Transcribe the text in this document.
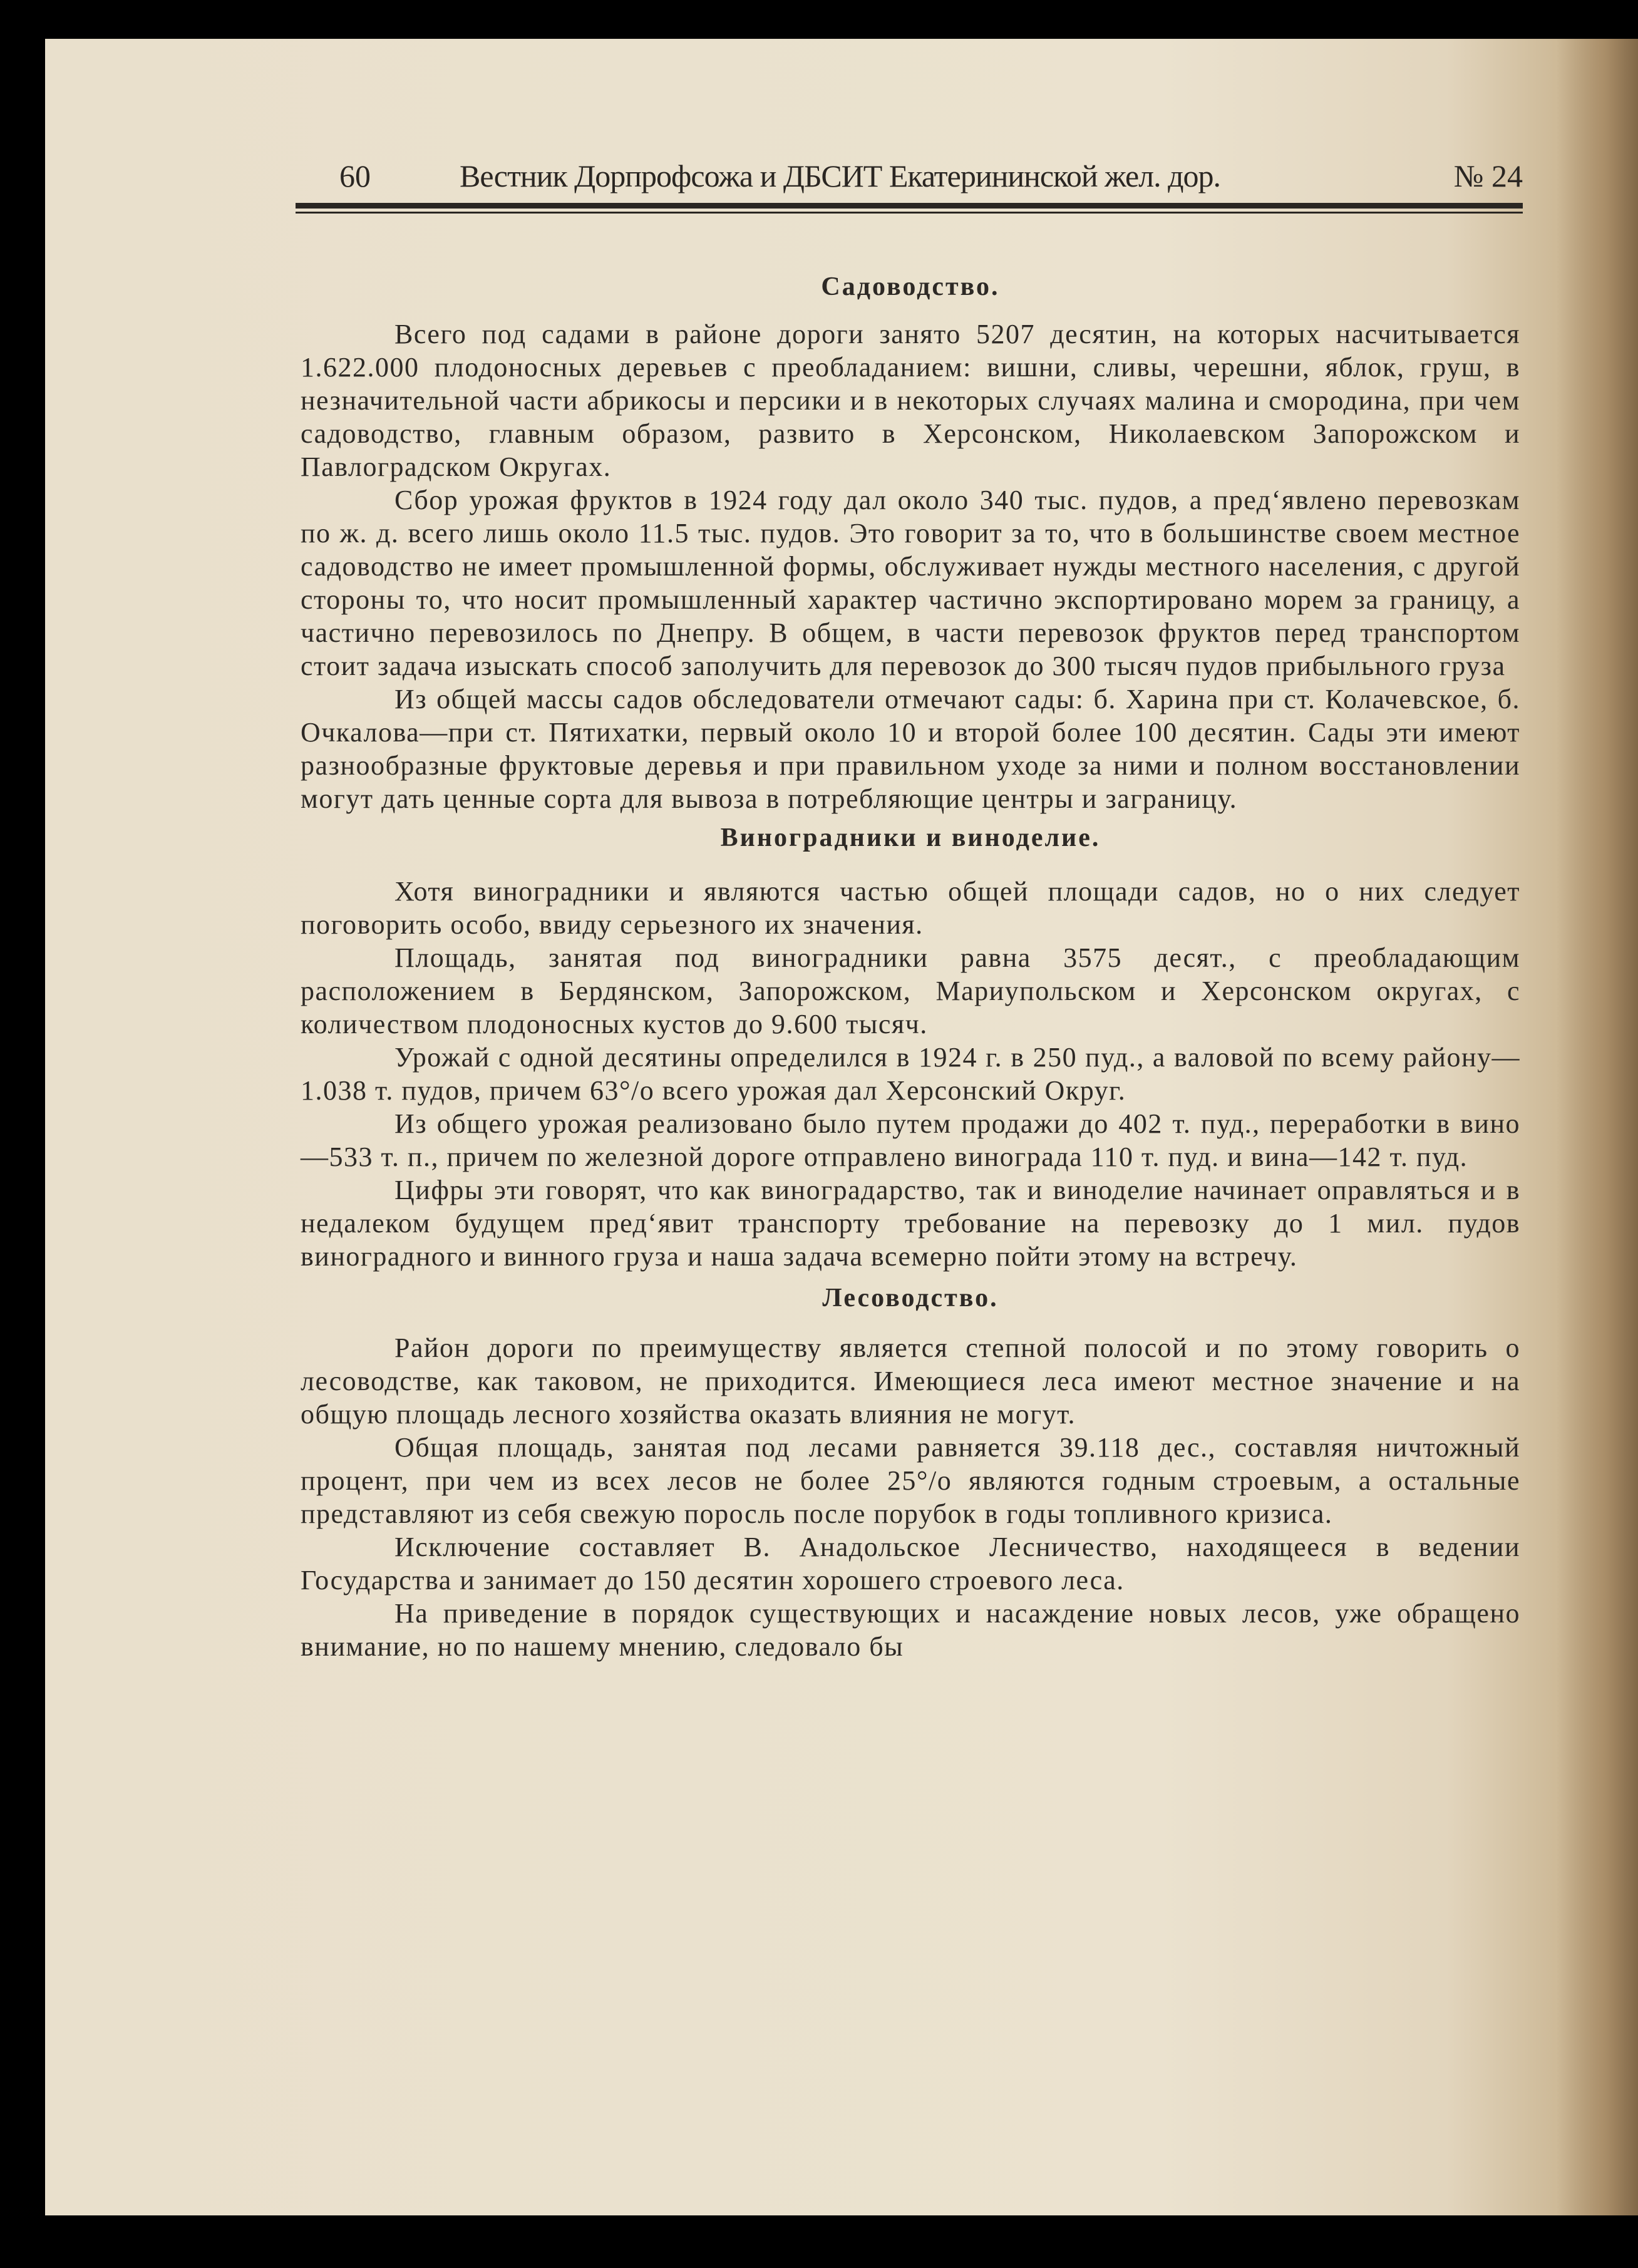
60	Вестник Дорпрофсожа и ДБСИТ Екатерининской жел. дор.	№ 24
Садоводство.

Всего под садами в районе дороги занято 5207 десятин, на которых насчитывается 1.622.000 плодоносных деревьев с преобладанием: вишни, сливы, черешни, яблок, груш, в незначительной части абрикосы и персики и в некоторых случаях малина и смородина, при чем садоводство, главным образом, развито в Херсонском, Николаевском Запорожском и Павлоградском Округах.

Сбор урожая фруктов в 1924 году дал около 340 тыс. пудов, а пред‘явлено перевозкам по ж. д. всего лишь около 11.5 тыс. пудов. Это говорит за то, что в большинстве своем местное садоводство не имеет промышленной формы, обслуживает нужды местного населения, с другой стороны то, что носит промышленный характер частично экспортировано морем за границу, а частично перевозилось по Днепру. В общем, в части перевозок фруктов перед транспортом стоит задача изыскать способ заполучить для перевозок до 300 тысяч пудов прибыльного груза

Из общей массы садов обследователи отмечают сады: б. Харина при ст. Колачевское, б. Очкалова—при ст. Пятихатки, первый около 10 и второй более 100 десятин. Сады эти имеют разнообразные фруктовые деревья и при правильном уходе за ними и полном восстановлении могут дать ценные сорта для вывоза в потребляющие центры и заграницу.

Виноградники и виноделие.

Хотя виноградники и являются частью общей площади садов, но о них следует поговорить особо, ввиду серьезного их значения.

Площадь, занятая под виноградники равна 3575 десят., с преобладающим расположением в Бердянском, Запорожском, Мариупольском и Херсонском округах, с количеством плодоносных кустов до 9.600 тысяч.

Урожай с одной десятины определился в 1924 г. в 250 пуд., а валовой по всему району—1.038 т. пудов, причем 63°/о всего урожая дал Херсонский Округ.

Из общего урожая реализовано было путем продажи до 402 т. пуд., переработки в вино—533 т. п., причем по железной дороге отправлено винограда 110 т. пуд. и вина—142 т. пуд.

Цифры эти говорят, что как виноградарство, так и виноделие начинает оправляться и в недалеком будущем пред‘явит транспорту требование на перевозку до 1 мил. пудов виноградного и винного груза и наша задача всемерно пойти этому на встречу.

Лесоводство.

Район дороги по преимуществу является степной полосой и по этому говорить о лесоводстве, как таковом, не приходится. Имеющиеся леса имеют местное значение и на общую площадь лесного хозяйства оказать влияния не могут.

Общая площадь, занятая под лесами равняется 39.118 дес., составляя ничтожный процент, при чем из всех лесов не более 25°/о являются годным строевым, а остальные представляют из себя свежую поросль после порубок в годы топливного кризиса.

Исключение составляет В. Анадольское Лесничество, находящееся в ведении Государства и занимает до 150 десятин хорошего строевого леса.

На приведение в порядок существующих и насаждение новых лесов, уже обращено внимание, но по нашему мнению, следовало бы
